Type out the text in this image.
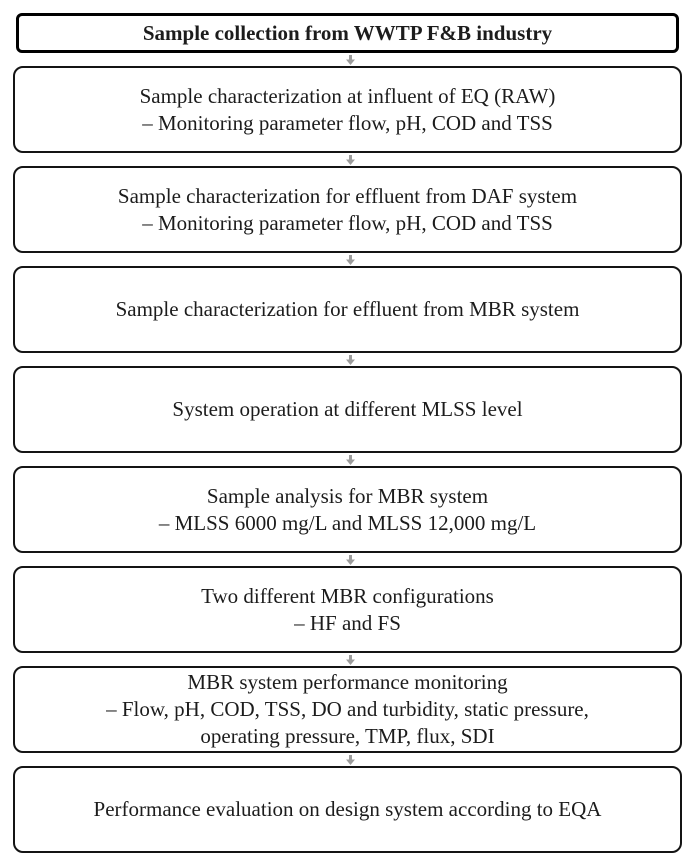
Sample collection from WWTP F&B industry
Sample characterization at influent of EQ (RAW)
– Monitoring parameter flow, pH, COD and TSS
Sample characterization for effluent from DAF system
– Monitoring parameter flow, pH, COD and TSS
Sample characterization for effluent from MBR system
System operation at different MLSS level
Sample analysis for MBR system
– MLSS 6000 mg/L and MLSS 12,000 mg/L
Two different MBR configurations
– HF and FS
MBR system performance monitoring
– Flow, pH, COD, TSS, DO and turbidity, static pressure,
operating pressure, TMP, flux, SDI
Performance evaluation on design system according to EQA
